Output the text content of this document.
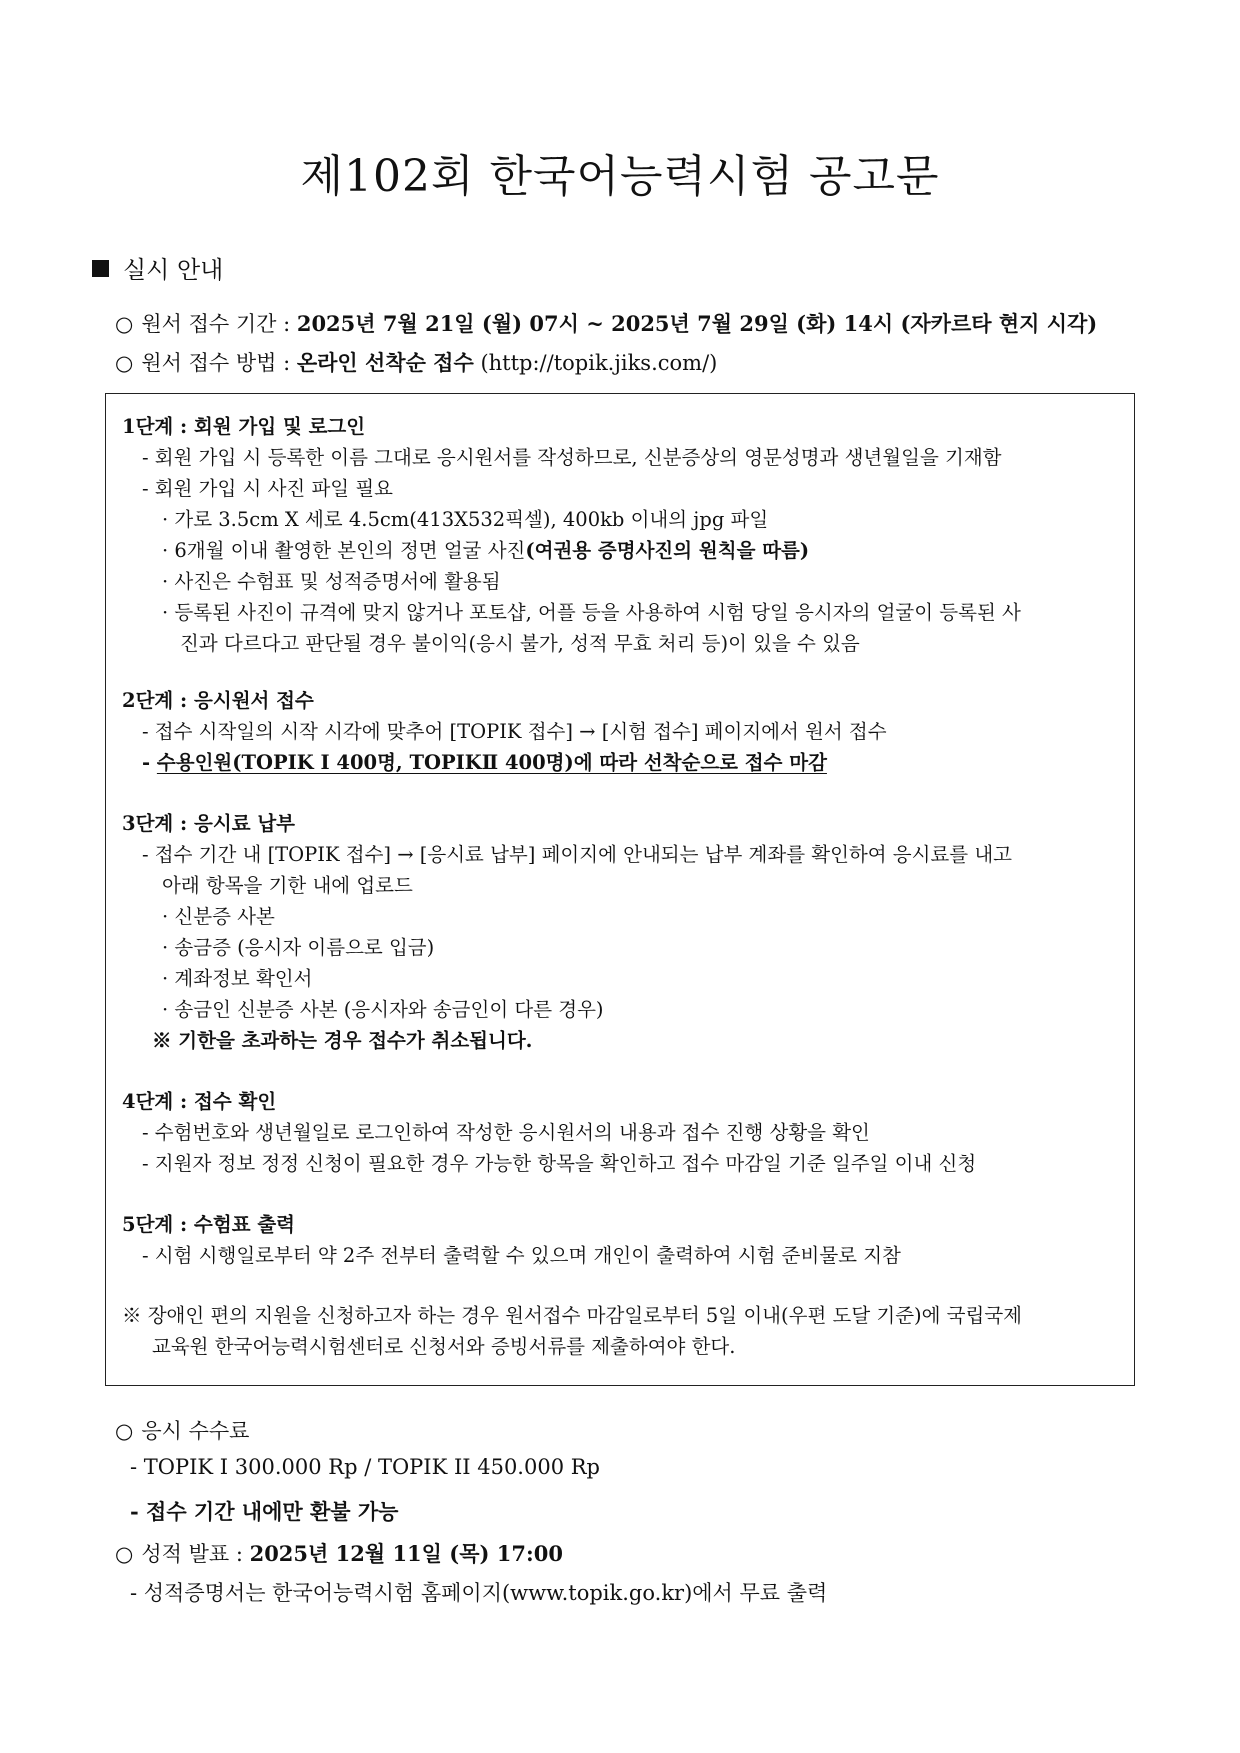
제102회 한국어능력시험 공고문
실시 안내
○ 원서 접수 기간 : 2025년 7월 21일 (월) 07시 ~ 2025년 7월 29일 (화) 14시 (자카르타 현지 시각)
○ 원서 접수 방법 : 온라인 선착순 접수 (http://topik.jiks.com/)
1단계 : 회원 가입 및 로그인
- 회원 가입 시 등록한 이름 그대로 응시원서를 작성하므로, 신분증상의 영문성명과 생년월일을 기재함
- 회원 가입 시 사진 파일 필요
· 가로 3.5cm X 세로 4.5cm(413X532픽셀), 400kb 이내의 jpg 파일
· 6개월 이내 촬영한 본인의 정면 얼굴 사진(여권용 증명사진의 원칙을 따름)
· 사진은 수험표 및 성적증명서에 활용됨
· 등록된 사진이 규격에 맞지 않거나 포토샵, 어플 등을 사용하여 시험 당일 응시자의 얼굴이 등록된 사
진과 다르다고 판단될 경우 불이익(응시 불가, 성적 무효 처리 등)이 있을 수 있음
2단계 : 응시원서 접수
- 접수 시작일의 시작 시각에 맞추어 [TOPIK 접수] → [시험 접수] 페이지에서 원서 접수
- 수용인원(TOPIK Ⅰ 400명, TOPIKⅡ 400명)에 따라 선착순으로 접수 마감
3단계 : 응시료 납부
- 접수 기간 내 [TOPIK 접수] → [응시료 납부] 페이지에 안내되는 납부 계좌를 확인하여 응시료를 내고
아래 항목을 기한 내에 업로드
· 신분증 사본
· 송금증 (응시자 이름으로 입금)
· 계좌정보 확인서
· 송금인 신분증 사본 (응시자와 송금인이 다른 경우)
※ 기한을 초과하는 경우 접수가 취소됩니다.
4단계 : 접수 확인
- 수험번호와 생년월일로 로그인하여 작성한 응시원서의 내용과 접수 진행 상황을 확인
- 지원자 정보 정정 신청이 필요한 경우 가능한 항목을 확인하고 접수 마감일 기준 일주일 이내 신청
5단계 : 수험표 출력
- 시험 시행일로부터 약 2주 전부터 출력할 수 있으며 개인이 출력하여 시험 준비물로 지참
※ 장애인 편의 지원을 신청하고자 하는 경우 원서접수 마감일로부터 5일 이내(우편 도달 기준)에 국립국제
교육원 한국어능력시험센터로 신청서와 증빙서류를 제출하여야 한다.
○ 응시 수수료
- TOPIK I 300.000 Rp / TOPIK II 450.000 Rp
- 접수 기간 내에만 환불 가능
○ 성적 발표 : 2025년 12월 11일 (목) 17:00
- 성적증명서는 한국어능력시험 홈페이지(www.topik.go.kr)에서 무료 출력
